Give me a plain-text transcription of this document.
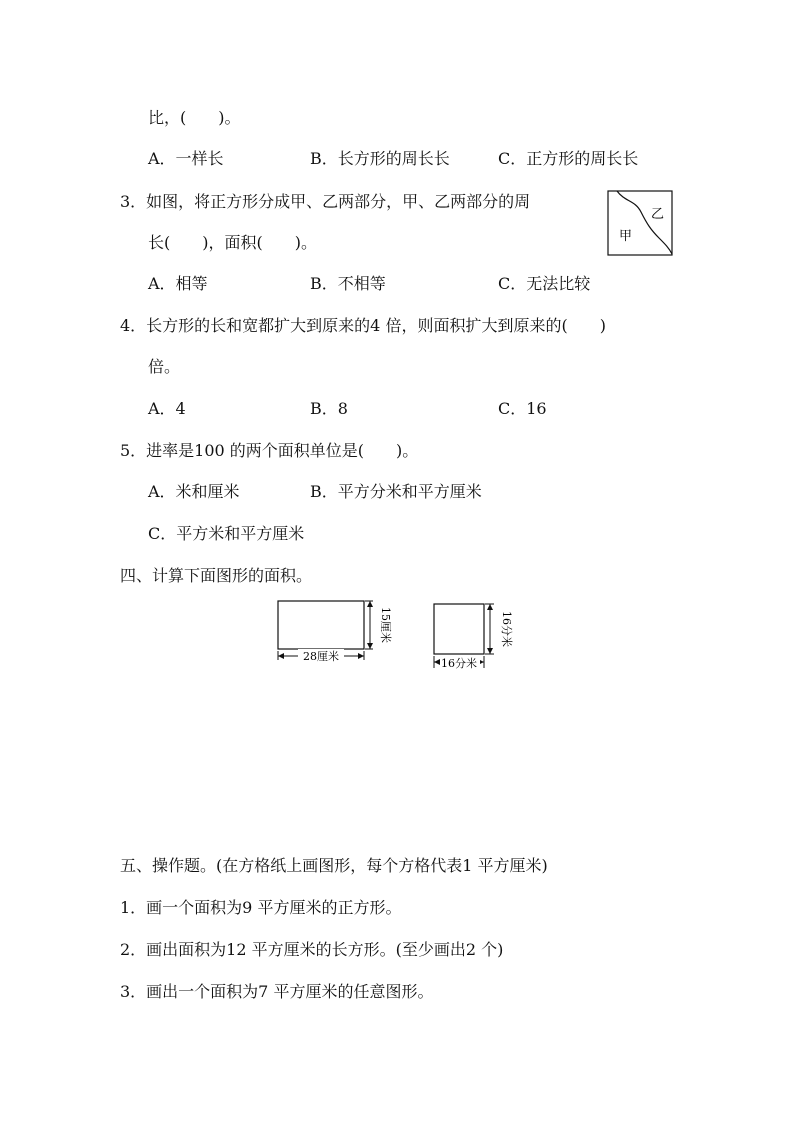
比，(　　)。
A．一样长	B．长方形的周长长	C．正方形的周长长
3．如图，将正方形分成甲、乙两部分，甲、乙两部分的周
长(　　)，面积(　　)。	甲
乙
A．相等	B．不相等	C．无法比较
4．长方形的长和宽都扩大到原来的4 倍，则面积扩大到原来的(　　)
倍。
A．4	B．8	C．16
5．进率是100 的两个面积单位是(　　)。
A．米和厘米	B．平方分米和平方厘米
C．平方米和平方厘米
四、计算下面图形的面积。
28厘米
15厘米
16分米
16分米
五、操作题。(在方格纸上画图形，每个方格代表1 平方厘米)
1．画一个面积为9 平方厘米的正方形。
2．画出面积为12 平方厘米的长方形。(至少画出2 个)
3．画出一个面积为7 平方厘米的任意图形。
